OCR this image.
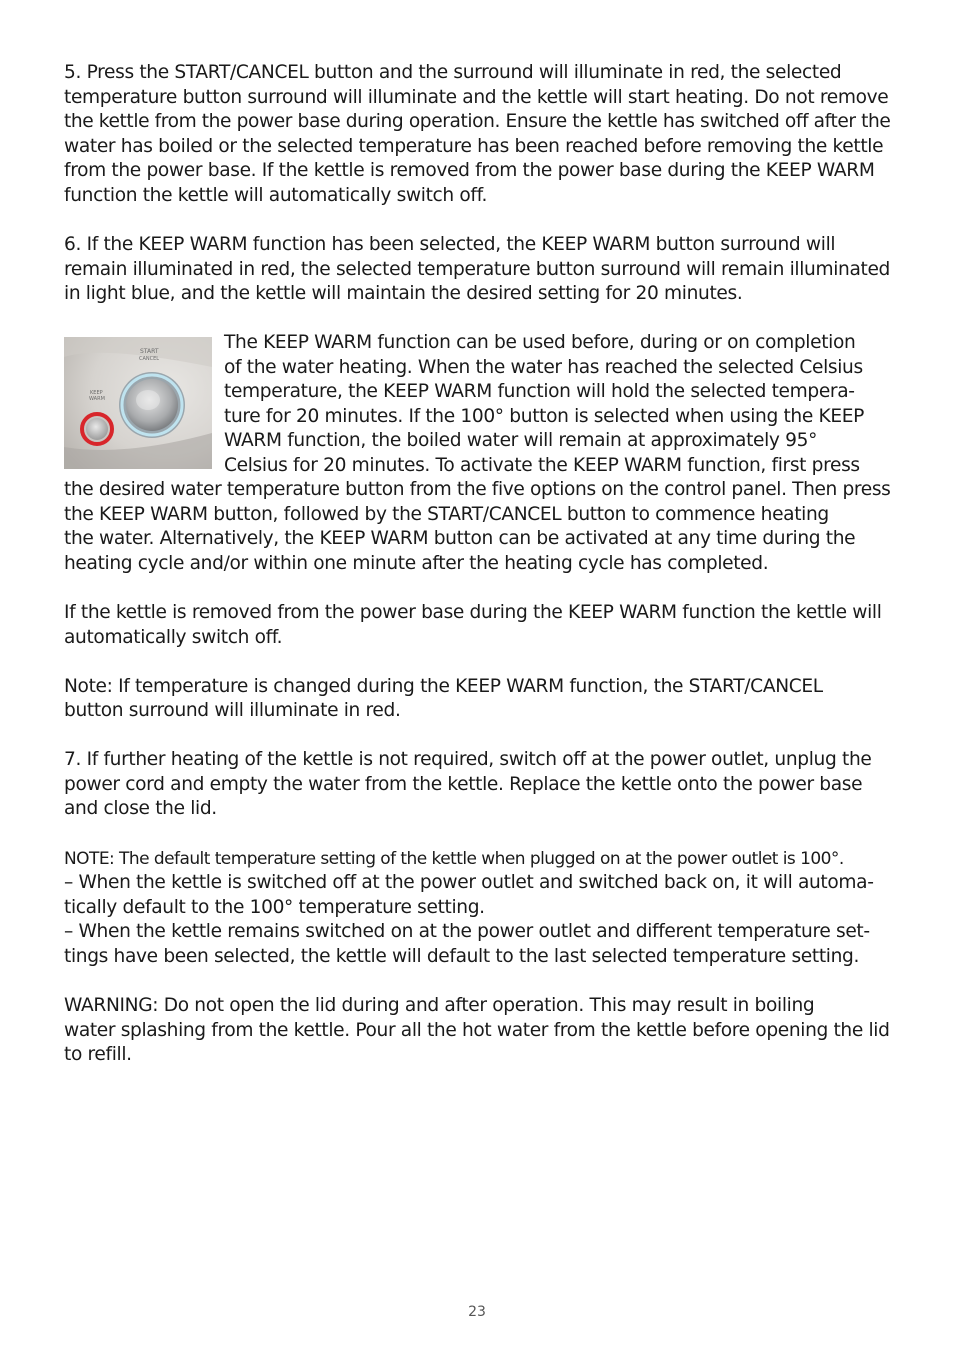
5. Press the START/CANCEL button and the surround will illuminate in red, the selected

temperature button surround will illuminate and the kettle will start heating. Do not remove

the kettle from the power base during operation. Ensure the kettle has switched off after the

water has boiled or the selected temperature has been reached before removing the kettle

from the power base. If the kettle is removed from the power base during the KEEP WARM

function the kettle will automatically switch off.

6. If the KEEP WARM function has been selected, the KEEP WARM button surround will

remain illuminated in red, the selected temperature button surround will remain illuminated

in light blue, and the kettle will maintain the desired setting for 20 minutes.

START
CANCEL
KEEP
WARM

The KEEP WARM function can be used before, during or on completion

of the water heating. When the water has reached the selected Celsius

temperature, the KEEP WARM function will hold the selected tempera-

ture for 20 minutes. If the 100° button is selected when using the KEEP

WARM function, the boiled water will remain at approximately 95°

Celsius for 20 minutes. To activate the KEEP WARM function, first press

the desired water temperature button from the five options on the control panel. Then press

the KEEP WARM button, followed by the START/CANCEL button to commence heating

the water. Alternatively, the KEEP WARM button can be activated at any time during the

heating cycle and/or within one minute after the heating cycle has completed.

If the kettle is removed from the power base during the KEEP WARM function the kettle will

automatically switch off.

Note: If temperature is changed during the KEEP WARM function, the START/CANCEL

button surround will illuminate in red.

7. If further heating of the kettle is not required, switch off at the power outlet, unplug the

power cord and empty the water from the kettle. Replace the kettle onto the power base

and close the lid.

NOTE: The default temperature setting of the kettle when plugged on at the power outlet is 100°.

– When the kettle is switched off at the power outlet and switched back on, it will automa-

tically default to the 100° temperature setting.

– When the kettle remains switched on at the power outlet and different temperature set-

tings have been selected, the kettle will default to the last selected temperature setting.

WARNING: Do not open the lid during and after operation. This may result in boiling

water splashing from the kettle. Pour all the hot water from the kettle before opening the lid

to refill.

23
